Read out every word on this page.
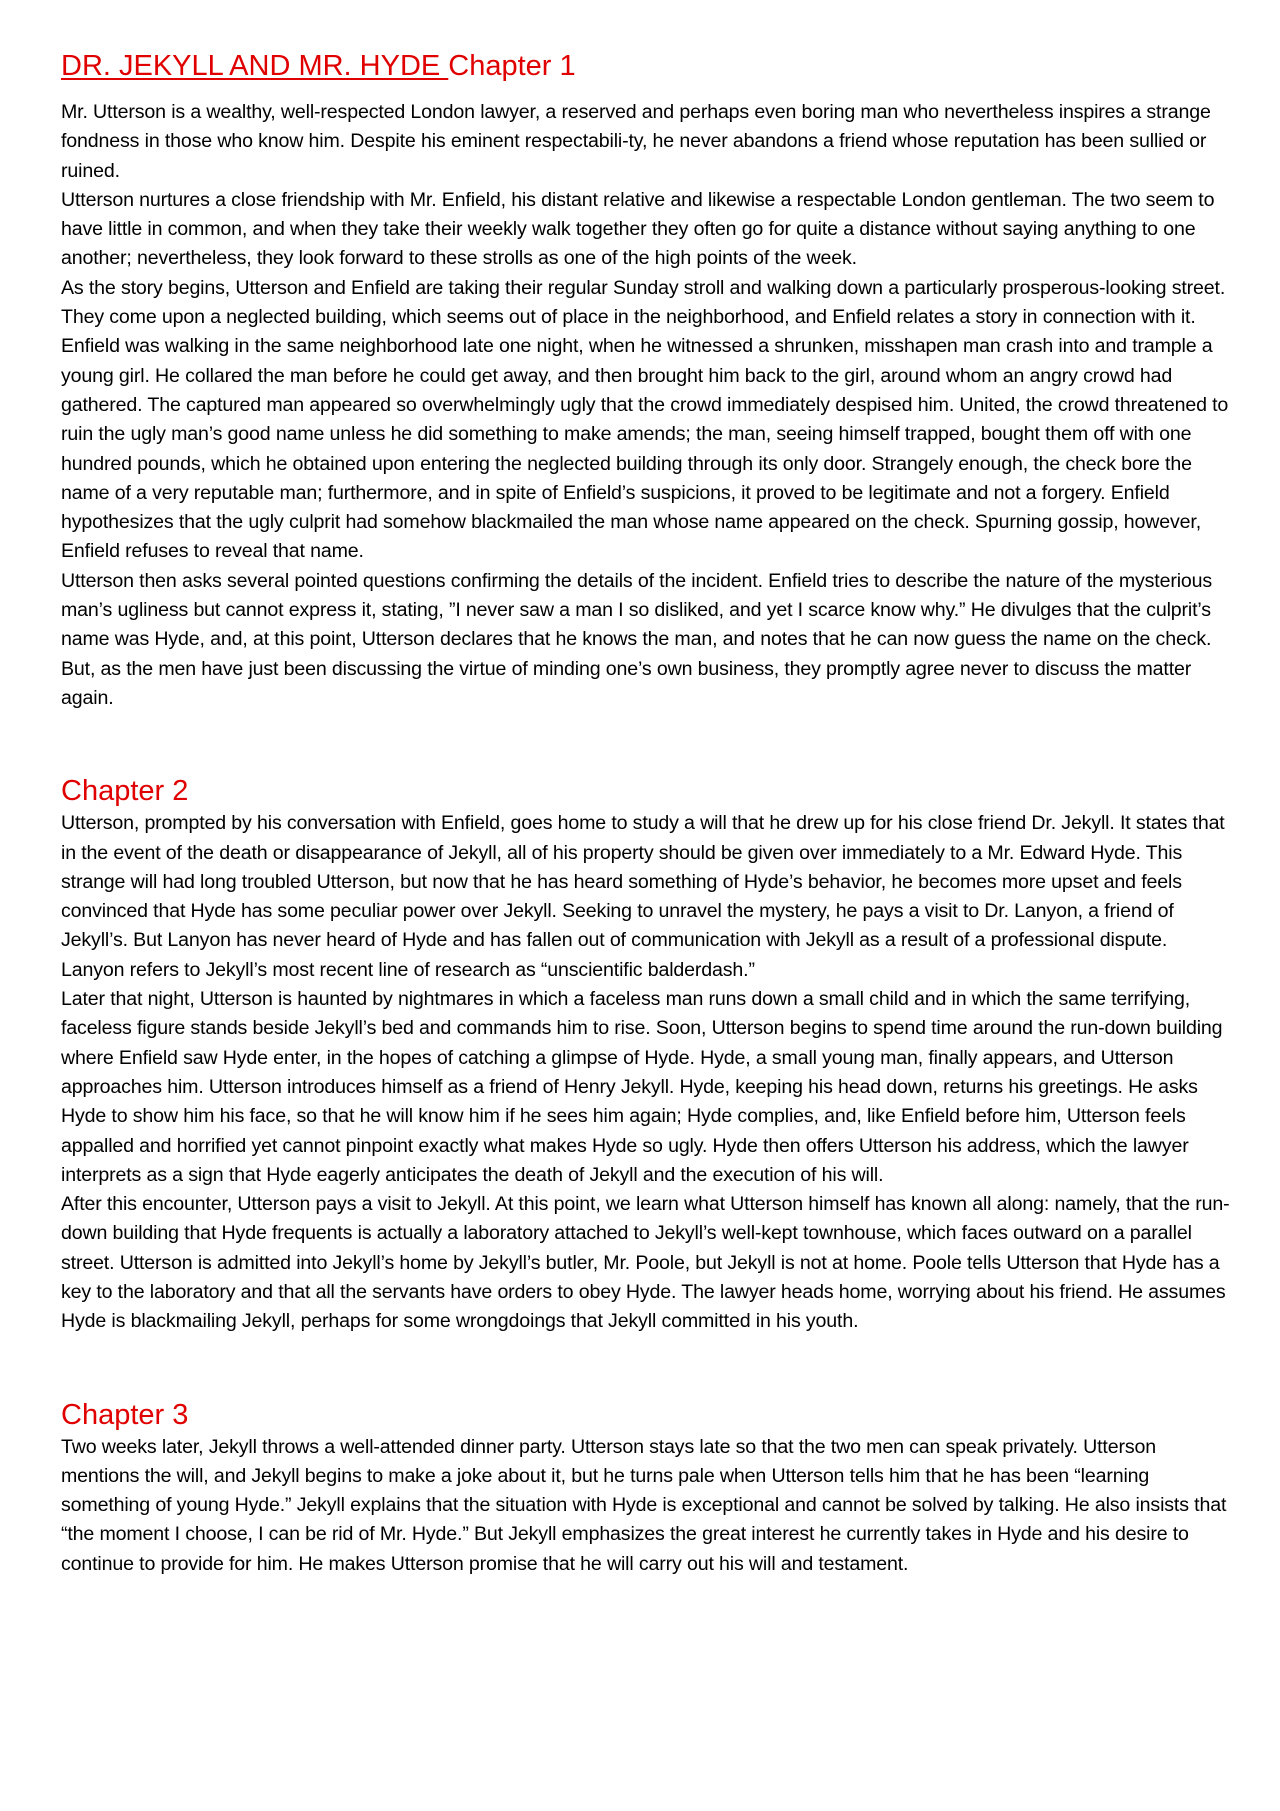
DR. JEKYLL AND MR. HYDE Chapter 1

Mr. Utterson is a wealthy, well-respected London lawyer, a reserved and perhaps even boring man who nevertheless inspires a strange fondness in those who know him. Despite his eminent respectabili-ty, he never abandons a friend whose reputation has been sullied or ruined.

Utterson nurtures a close friendship with Mr. Enfield, his distant relative and likewise a respectable London gentleman. The two seem to have little in common, and when they take their weekly walk together they often go for quite a distance without saying anything to one another; nevertheless, they look forward to these strolls as one of the high points of the week.

As the story begins, Utterson and Enfield are taking their regular Sunday stroll and walking down a particularly prosperous-looking street. They come upon a neglected building, which seems out of place in the neighborhood, and Enfield relates a story in connection with it. Enfield was walking in the same neighborhood late one night, when he witnessed a shrunken, misshapen man crash into and trample a young girl. He collared the man before he could get away, and then brought him back to the girl, around whom an angry crowd had gathered. The captured man appeared so overwhelmingly ugly that the crowd immediately despised him. United, the crowd threatened to ruin the ugly man’s good name unless he did something to make amends; the man, seeing himself trapped, bought them off with one hundred pounds, which he obtained upon entering the neglected building through its only door. Strangely enough, the check bore the name of a very reputable man; furthermore, and in spite of Enfield’s suspicions, it proved to be legitimate and not a forgery. Enfield hypothesizes that the ugly culprit had somehow blackmailed the man whose name appeared on the check. Spurning gossip, however, Enfield refuses to reveal that name.

Utterson then asks several pointed questions confirming the details of the incident. Enfield tries to describe the nature of the mysterious man’s ugliness but cannot express it, stating, ”I never saw a man I so disliked, and yet I scarce know why.” He divulges that the culprit’s name was Hyde, and, at this point, Utterson declares that he knows the man, and notes that he can now guess the name on the check. But, as the men have just been discussing the virtue of minding one’s own business, they promptly agree never to discuss the matter again.

Chapter 2

Utterson, prompted by his conversation with Enfield, goes home to study a will that he drew up for his close friend Dr. Jekyll. It states that in the event of the death or disappearance of Jekyll, all of his property should be given over immediately to a Mr. Edward Hyde. This strange will had long troubled Utterson, but now that he has heard something of Hyde’s behavior, he becomes more upset and feels convinced that Hyde has some peculiar power over Jekyll. Seeking to unravel the mystery, he pays a visit to Dr. Lanyon, a friend of Jekyll’s. But Lanyon has never heard of Hyde and has fallen out of communication with Jekyll as a result of a professional dispute. Lanyon refers to Jekyll’s most recent line of research as “unscientific balderdash.”

Later that night, Utterson is haunted by nightmares in which a faceless man runs down a small child and in which the same terrifying, faceless figure stands beside Jekyll’s bed and commands him to rise. Soon, Utterson begins to spend time around the run-down building where Enfield saw Hyde enter, in the hopes of catching a glimpse of Hyde. Hyde, a small young man, finally appears, and Utterson approaches him. Utterson introduces himself as a friend of Henry Jekyll. Hyde, keeping his head down, returns his greetings. He asks Hyde to show him his face, so that he will know him if he sees him again; Hyde complies, and, like Enfield before him, Utterson feels appalled and horrified yet cannot pinpoint exactly what makes Hyde so ugly. Hyde then offers Utterson his address, which the lawyer interprets as a sign that Hyde eagerly anticipates the death of Jekyll and the execution of his will.

After this encounter, Utterson pays a visit to Jekyll. At this point, we learn what Utterson himself has known all along: namely, that the run-down building that Hyde frequents is actually a laboratory attached to Jekyll’s well-kept townhouse, which faces outward on a parallel street. Utterson is admitted into Jekyll’s home by Jekyll’s butler, Mr. Poole, but Jekyll is not at home. Poole tells Utterson that Hyde has a key to the laboratory and that all the servants have orders to obey Hyde. The lawyer heads home, worrying about his friend. He assumes Hyde is blackmailing Jekyll, perhaps for some wrongdoings that Jekyll committed in his youth.

Chapter 3

Two weeks later, Jekyll throws a well-attended dinner party. Utterson stays late so that the two men can speak privately. Utterson mentions the will, and Jekyll begins to make a joke about it, but he turns pale when Utterson tells him that he has been “learning something of young Hyde.” Jekyll explains that the situation with Hyde is exceptional and cannot be solved by talking. He also insists that “the moment I choose, I can be rid of Mr. Hyde.” But Jekyll emphasizes the great interest he currently takes in Hyde and his desire to continue to provide for him. He makes Utterson promise that he will carry out his will and testament.
